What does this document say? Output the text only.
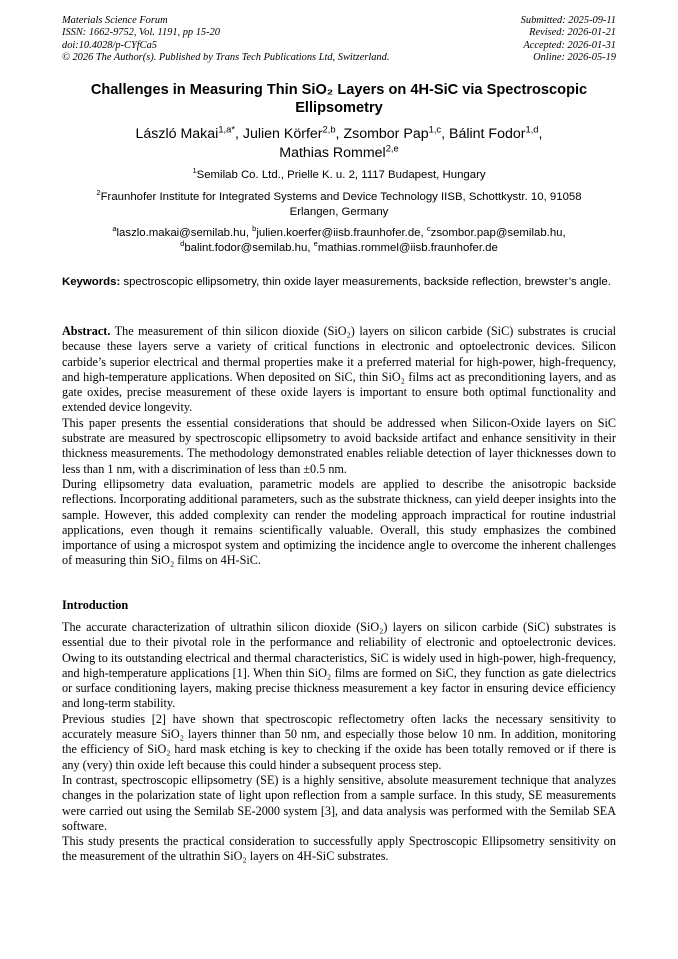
Materials Science Forum
ISSN: 1662-9752, Vol. 1191, pp 15-20
doi:10.4028/p-CYfCa5
© 2026 The Author(s). Published by Trans Tech Publications Ltd, Switzerland.
Submitted: 2025-09-11
Revised: 2026-01-21
Accepted: 2026-01-31
Online: 2026-05-19
Challenges in Measuring Thin SiO₂ Layers on 4H-SiC via Spectroscopic
Ellipsometry
László Makai$^{1,a*}$, Julien Körfer$^{2,b}$, Zsombor Pap$^{1,c}$, Bálint Fodor$^{1,d}$,
Mathias Rommel$^{2,e}$
$^1$Semilab Co. Ltd., Prielle K. u. 2, 1117 Budapest, Hungary
$^2$Fraunhofer Institute for Integrated Systems and Device Technology IISB, Schottkystr. 10, 91058
Erlangen, Germany
$^a$laszlo.makai@semilab.hu, $^b$julien.koerfer@iisb.fraunhofer.de, $^c$zsombor.pap@semilab.hu,
$^d$balint.fodor@semilab.hu, $^e$mathias.rommel@iisb.fraunhofer.de
Keywords: spectroscopic ellipsometry, thin oxide layer measurements, backside reflection, brewster’s angle.

Abstract. The measurement of thin silicon dioxide (SiO₂) layers on silicon carbide (SiC) substrates is crucial because these layers serve a variety of critical functions in electronic and optoelectronic devices. Silicon carbide’s superior electrical and thermal properties make it a preferred material for high-power, high-frequency, and high-temperature applications. When deposited on SiC, thin SiO₂ films act as preconditioning layers, and as gate oxides, precise measurement of these oxide layers is important to ensure both optimal functionality and extended device longevity.

This paper presents the essential considerations that should be addressed when Silicon-Oxide layers on SiC substrate are measured by spectroscopic ellipsometry to avoid backside artifact and enhance sensitivity in their thickness measurements. The methodology demonstrated enables reliable detection of layer thicknesses down to less than 1 nm, with a discrimination of less than ±0.5 nm.

During ellipsometry data evaluation, parametric models are applied to describe the anisotropic backside reflections. Incorporating additional parameters, such as the substrate thickness, can yield deeper insights into the sample. However, this added complexity can render the modeling approach impractical for routine industrial applications, even though it remains scientifically valuable. Overall, this study emphasizes the combined importance of using a microspot system and optimizing the incidence angle to overcome the inherent challenges of measuring thin SiO₂ films on 4H-SiC.

Introduction

The accurate characterization of ultrathin silicon dioxide (SiO₂) layers on silicon carbide (SiC) substrates is essential due to their pivotal role in the performance and reliability of electronic and optoelectronic devices. Owing to its outstanding electrical and thermal characteristics, SiC is widely used in high-power, high-frequency, and high-temperature applications [1]. When thin SiO₂ films are formed on SiC, they function as gate dielectrics or surface conditioning layers, making precise thickness measurement a key factor in ensuring device efficiency and long-term stability.

Previous studies [2] have shown that spectroscopic reflectometry often lacks the necessary sensitivity to accurately measure SiO₂ layers thinner than 50 nm, and especially those below 10 nm. In addition, monitoring the efficiency of SiO₂ hard mask etching is key to checking if the oxide has been totally removed or if there is any (very) thin oxide left because this could hinder a subsequent process step.

In contrast, spectroscopic ellipsometry (SE) is a highly sensitive, absolute measurement technique that analyzes changes in the polarization state of light upon reflection from a sample surface. In this study, SE measurements were carried out using the Semilab SE-2000 system [3], and data analysis was performed with the Semilab SEA software.

This study presents the practical consideration to successfully apply Spectroscopic Ellipsometry sensitivity on the measurement of the ultrathin SiO₂ layers on 4H-SiC substrates.
